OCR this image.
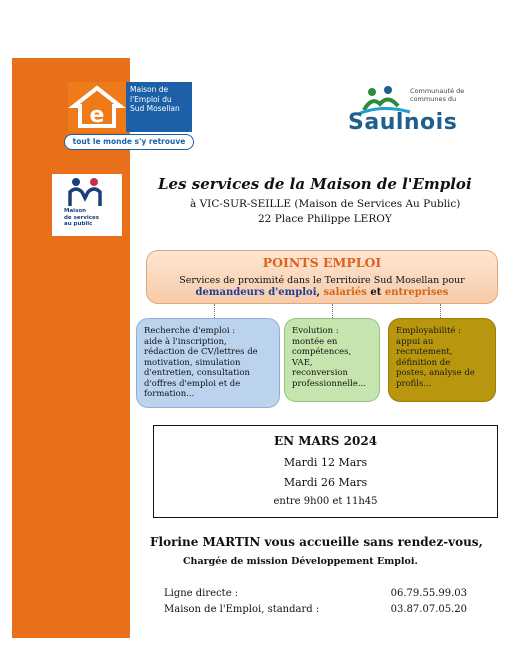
e
Maison de
l'Emploi du
Sud Mosellan
tout le monde s'y retrouve
Communauté de
communes du
Saulnois
Maison
de services
au public
Les services de la Maison de l'Emploi
à VIC-SUR-SEILLE (Maison de Services Au Public)
22 Place Philippe LEROY
POINTS EMPLOI
Services de proximité dans le Territoire Sud Mosellan pour
demandeurs d'emploi, salariés et entreprises
Recherche d'emploi :
aide à l'inscription,
rédaction de CV/lettres de
motivation, simulation
d'entretien, consultation
d'offres d'emploi et de
formation...
Evolution :
montée en
compétences,
VAE,
reconversion
professionnelle...
Employabilité :
appui au
recrutement,
définition de
postes, analyse de
profils...
EN MARS 2024
Mardi 12 Mars
Mardi 26 Mars
entre 9h00 et 11h45
Florine MARTIN vous accueille sans rendez-vous,
Chargée de mission Développement Emploi.
Ligne directe :	06.79.55.99.03
Maison de l'Emploi, standard :	03.87.07.05.20
